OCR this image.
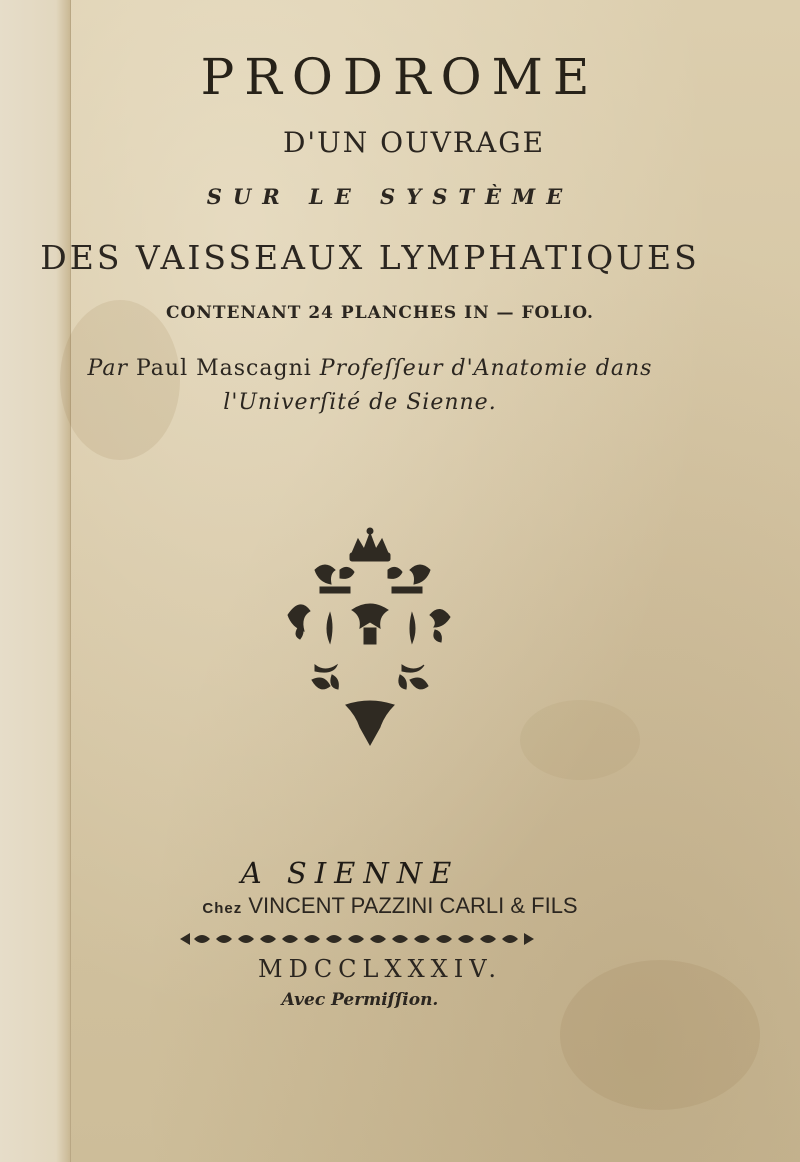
PRODROME
D'UN OUVRAGE
SUR LE SYSTÈME
DES VAISSEAUX LYMPHATIQUES
CONTENANT 24 PLANCHES IN — FOLIO.
Par Paul Mascagni Profeſſeur d'Anatomie dans
l'Univerſité de Sienne.
A SIENNE
Chez VINCENT PAZZINI CARLI & FILS
MDCCLXXXIV.
Avec Permiſſion.
